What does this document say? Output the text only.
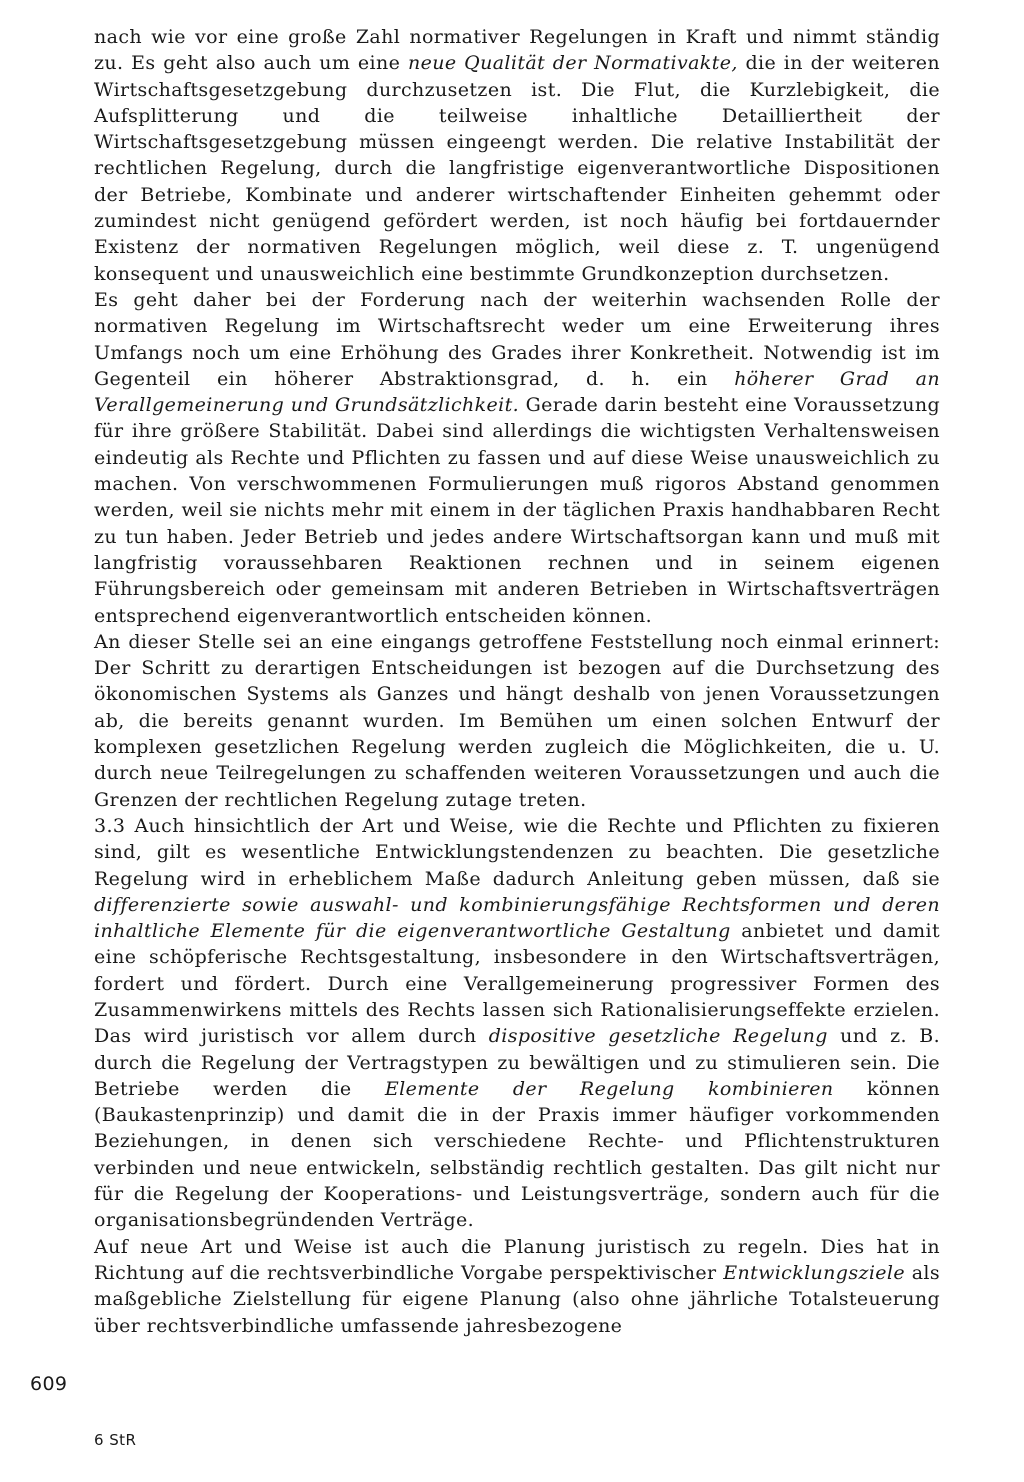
nach wie vor eine große Zahl normativer Regelungen in Kraft und nimmt ständig zu. Es geht also auch um eine neue Qualität der Normativakte, die in der weiteren Wirtschaftsgesetzgebung durchzusetzen ist. Die Flut, die Kurzlebigkeit, die Aufsplitterung und die teilweise inhaltliche Detailliertheit der Wirtschaftsgesetzgebung müssen eingeengt werden. Die relative Instabilität der rechtlichen Regelung, durch die langfristige eigenverantwortliche Dispositionen der Betriebe, Kombinate und anderer wirtschaftender Einheiten gehemmt oder zumindest nicht genügend gefördert werden, ist noch häufig bei fortdauernder Existenz der normativen Regelungen möglich, weil diese z. T. ungenügend konsequent und unausweichlich eine bestimmte Grundkonzeption durchsetzen.

Es geht daher bei der Forderung nach der weiterhin wachsenden Rolle der normativen Regelung im Wirtschaftsrecht weder um eine Erweiterung ihres Umfangs noch um eine Erhöhung des Grades ihrer Konkretheit. Notwendig ist im Gegenteil ein höherer Abstraktionsgrad, d. h. ein höherer Grad an Verallgemeinerung und Grundsätzlichkeit. Gerade darin besteht eine Voraussetzung für ihre größere Stabilität. Dabei sind allerdings die wichtigsten Verhaltensweisen eindeutig als Rechte und Pflichten zu fassen und auf diese Weise unausweichlich zu machen. Von verschwommenen Formulierungen muß rigoros Abstand genommen werden, weil sie nichts mehr mit einem in der täglichen Praxis handhabbaren Recht zu tun haben. Jeder Betrieb und jedes andere Wirtschaftsorgan kann und muß mit langfristig voraussehbaren Reaktionen rechnen und in seinem eigenen Führungsbereich oder gemeinsam mit anderen Betrieben in Wirtschaftsverträgen entsprechend eigenverantwortlich entscheiden können.

An dieser Stelle sei an eine eingangs getroffene Feststellung noch einmal erinnert: Der Schritt zu derartigen Entscheidungen ist bezogen auf die Durchsetzung des ökonomischen Systems als Ganzes und hängt deshalb von jenen Voraussetzungen ab, die bereits genannt wurden. Im Bemühen um einen solchen Entwurf der komplexen gesetzlichen Regelung werden zugleich die Möglichkeiten, die u. U. durch neue Teilregelungen zu schaffenden weiteren Voraussetzungen und auch die Grenzen der rechtlichen Regelung zutage treten.

3.3 Auch hinsichtlich der Art und Weise, wie die Rechte und Pflichten zu fixieren sind, gilt es wesentliche Entwicklungstendenzen zu beachten. Die gesetzliche Regelung wird in erheblichem Maße dadurch Anleitung geben müssen, daß sie differenzierte sowie auswahl- und kombinierungsfähige Rechtsformen und deren inhaltliche Elemente für die eigenverantwortliche Gestaltung anbietet und damit eine schöpferische Rechtsgestaltung, insbesondere in den Wirtschaftsverträgen, fordert und fördert. Durch eine Verallgemeinerung progressiver Formen des Zusammenwirkens mittels des Rechts lassen sich Rationalisierungseffekte erzielen. Das wird juristisch vor allem durch dispositive gesetzliche Regelung und z. B. durch die Regelung der Vertragstypen zu bewältigen und zu stimulieren sein. Die Betriebe werden die Elemente der Regelung kombinieren können (Baukastenprinzip) und damit die in der Praxis immer häufiger vorkommenden Beziehungen, in denen sich verschiedene Rechte- und Pflichtenstrukturen verbinden und neue entwickeln, selbständig rechtlich gestalten. Das gilt nicht nur für die Regelung der Kooperations- und Leistungsverträge, sondern auch für die organisationsbegründenden Verträge.

Auf neue Art und Weise ist auch die Planung juristisch zu regeln. Dies hat in Richtung auf die rechtsverbindliche Vorgabe perspektivischer Entwicklungsziele als maßgebliche Zielstellung für eigene Planung (also ohne jährliche Totalsteuerung über rechtsverbindliche umfassende jahresbezogene

609
6 StR
